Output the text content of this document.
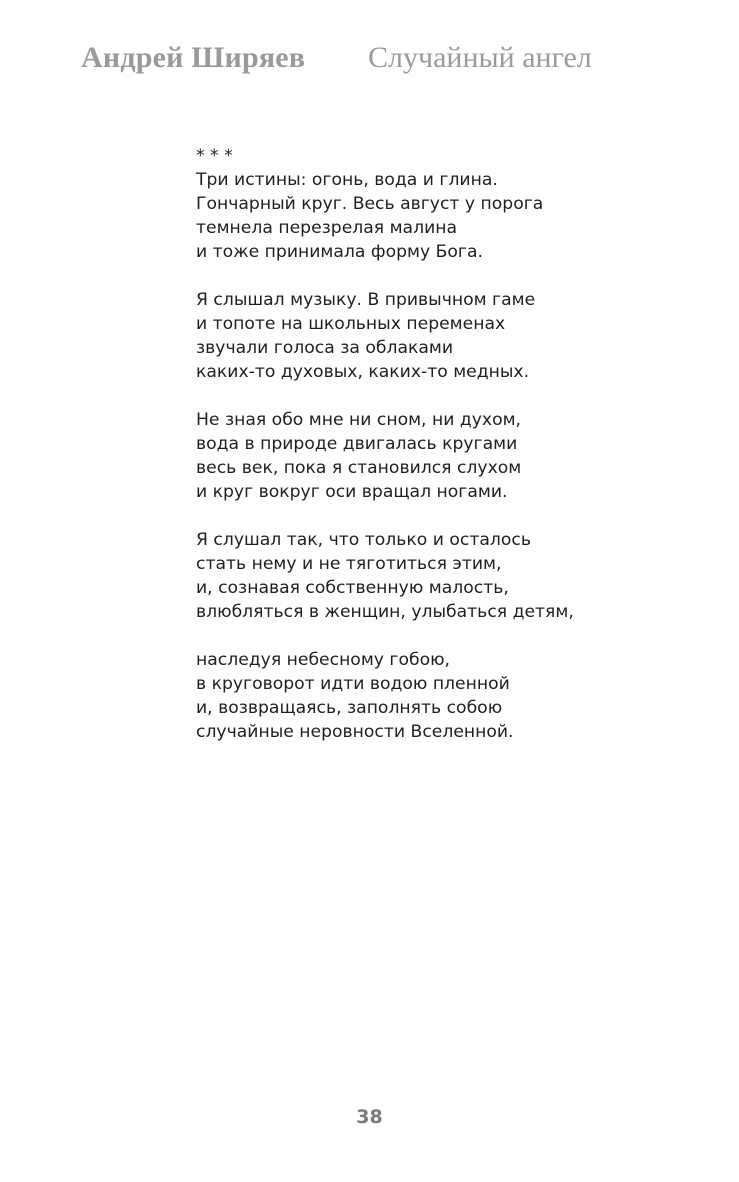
Андрей Ширяев Случайный ангел
* * *
Три истины: огонь, вода и глина.
Гончарный круг. Весь август у порога
темнела перезрелая малина
и тоже принимала форму Бога.
Я слышал музыку. В привычном гаме
и топоте на школьных переменах
звучали голоса за облаками
каких-то духовых, каких-то медных.
Не зная обо мне ни сном, ни духом,
вода в природе двигалась кругами
весь век, пока я становился слухом
и круг вокруг оси вращал ногами.
Я слушал так, что только и осталось
стать нему и не тяготиться этим,
и, сознавая собственную малость,
влюбляться в женщин, улыбаться детям,
наследуя небесному гобою,
в круговорот идти водою пленной
и, возвращаясь, заполнять собою
случайные неровности Вселенной.
38
